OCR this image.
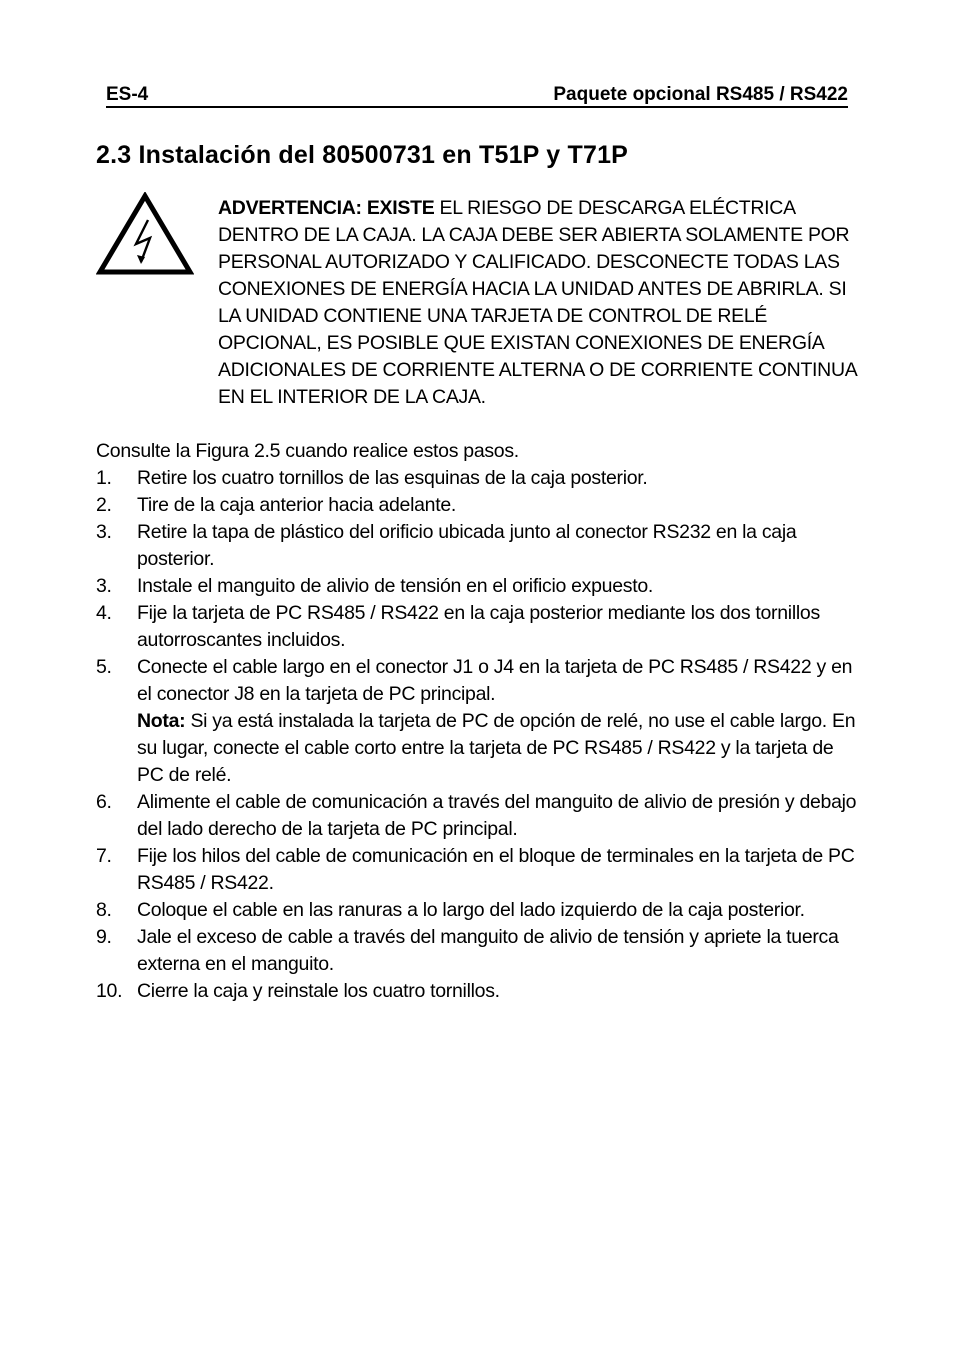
ES-4	Paquete opcional RS485 / RS422
2.3 Instalación del 80500731 en T51P y T71P

ADVERTENCIA: EXISTE EL RIESGO DE DESCARGA ELÉCTRICA DENTRO DE LA CAJA. LA CAJA DEBE SER ABIERTA SOLAMENTE POR PERSONAL AUTORIZADO Y CALIFICADO. DESCONECTE TODAS LAS CONEXIONES DE ENERGÍA HACIA LA UNIDAD ANTES DE ABRIRLA. SI LA UNIDAD CONTIENE UNA TARJETA DE CONTROL DE RELÉ OPCIONAL, ES POSIBLE QUE EXISTAN CONEXIONES DE ENERGÍA ADICIONALES DE CORRIENTE ALTERNA O DE CORRIENTE CONTINUA EN EL INTERIOR DE LA CAJA.

Consulte la Figura 2.5 cuando realice estos pasos.

1. Retire los cuatro tornillos de las esquinas de la caja posterior.
2. Tire de la caja anterior hacia adelante.
3. Retire la tapa de plástico del orificio ubicada junto al conector RS232 en la caja posterior.
3. Instale el manguito de alivio de tensión en el orificio expuesto.
4. Fije la tarjeta de PC RS485 / RS422 en la caja posterior mediante los dos tornillos autorroscantes incluidos.
5. Conecte el cable largo en el conector J1 o J4 en la tarjeta de PC RS485 / RS422 y en el conector J8 en la tarjeta de PC principal.
Nota: Si ya está instalada la tarjeta de PC de opción de relé, no use el cable largo. En su lugar, conecte el cable corto entre la tarjeta de PC RS485 / RS422 y la tarjeta de PC de relé.
6. Alimente el cable de comunicación a través del manguito de alivio de presión y debajo del lado derecho de la tarjeta de PC principal.
7. Fije los hilos del cable de comunicación en el bloque de terminales en la tarjeta de PC RS485 / RS422.
8. Coloque el cable en las ranuras a lo largo del lado izquierdo de la caja posterior.
9. Jale el exceso de cable a través del manguito de alivio de tensión y apriete la tuerca externa en el manguito.
10. Cierre la caja y reinstale los cuatro tornillos.
